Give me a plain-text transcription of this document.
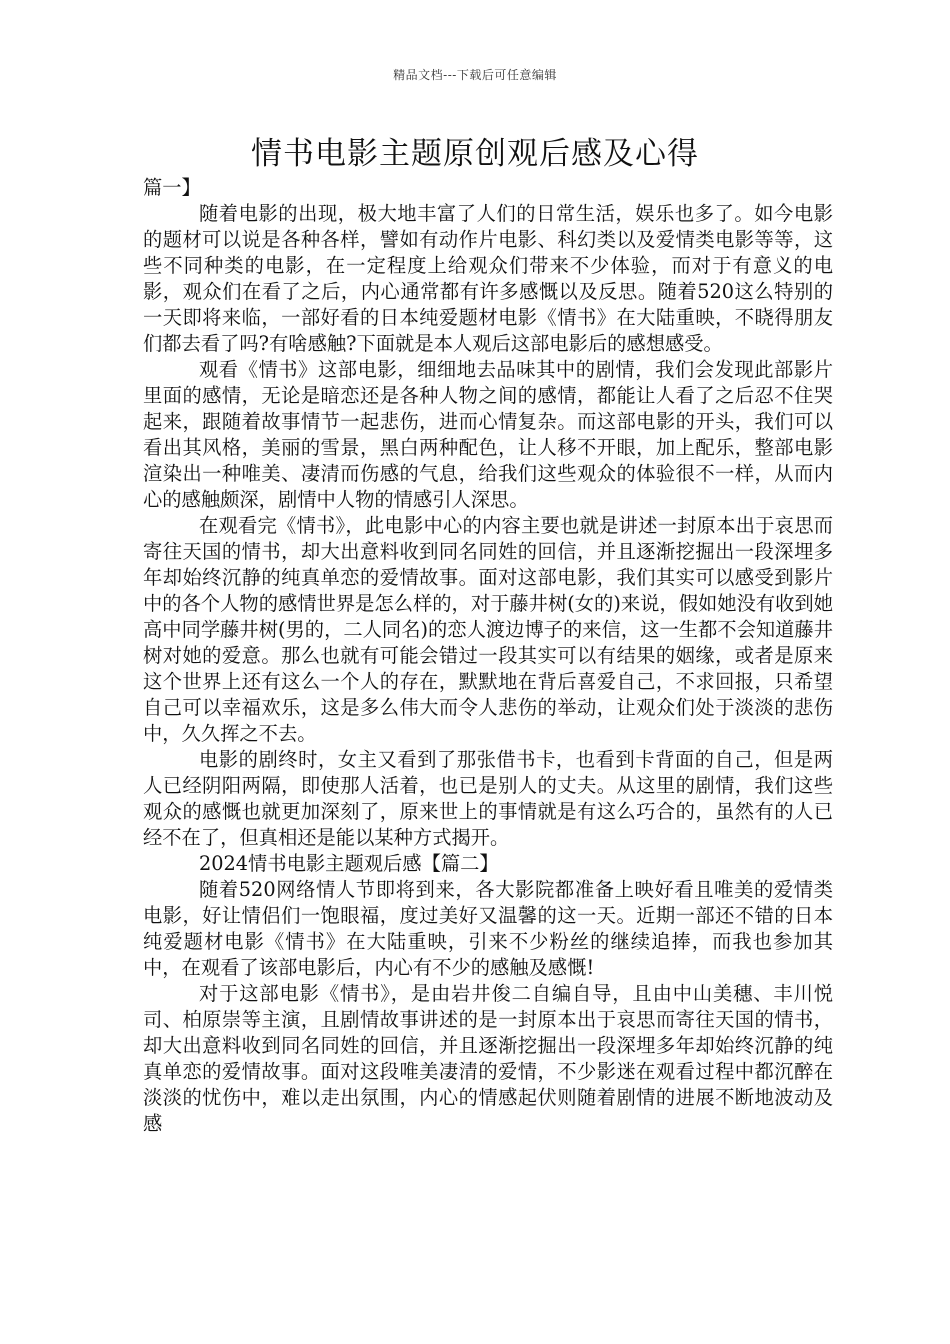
精品文档---下载后可任意编辑
情书电影主题原创观后感及心得

篇一】

随着电影的出现，极大地丰富了人们的日常生活，娱乐也多了。如今电影的题材可以说是各种各样，譬如有动作片电影、科幻类以及爱情类电影等等，这些不同种类的电影，在一定程度上给观众们带来不少体验，而对于有意义的电影，观众们在看了之后，内心通常都有许多感慨以及反思。随着520这么特别的一天即将来临，一部好看的日本纯爱题材电影《情书》在大陆重映，不晓得朋友们都去看了吗?有啥感触?下面就是本人观后这部电影后的感想感受。

观看《情书》这部电影，细细地去品味其中的剧情，我们会发现此部影片里面的感情，无论是暗恋还是各种人物之间的感情，都能让人看了之后忍不住哭起来，跟随着故事情节一起悲伤，进而心情复杂。而这部电影的开头，我们可以看出其风格，美丽的雪景，黑白两种配色，让人移不开眼，加上配乐，整部电影渲染出一种唯美、凄清而伤感的气息，给我们这些观众的体验很不一样，从而内心的感触颇深，剧情中人物的情感引人深思。

在观看完《情书》，此电影中心的内容主要也就是讲述一封原本出于哀思而寄往天国的情书，却大出意料收到同名同姓的回信，并且逐渐挖掘出一段深埋多年却始终沉静的纯真单恋的爱情故事。面对这部电影，我们其实可以感受到影片中的各个人物的感情世界是怎么样的，对于藤井树(女的)来说，假如她没有收到她高中同学藤井树(男的，二人同名)的恋人渡边博子的来信，这一生都不会知道藤井树对她的爱意。那么也就有可能会错过一段其实可以有结果的姻缘，或者是原来这个世界上还有这么一个人的存在，默默地在背后喜爱自己，不求回报，只希望自己可以幸福欢乐，这是多么伟大而令人悲伤的举动，让观众们处于淡淡的悲伤中，久久挥之不去。

电影的剧终时，女主又看到了那张借书卡，也看到卡背面的自己，但是两人已经阴阳两隔，即使那人活着，也已是别人的丈夫。从这里的剧情，我们这些观众的感慨也就更加深刻了，原来世上的事情就是有这么巧合的，虽然有的人已经不在了，但真相还是能以某种方式揭开。

2024情书电影主题观后感【篇二】

随着520网络情人节即将到来，各大影院都准备上映好看且唯美的爱情类电影，好让情侣们一饱眼福，度过美好又温馨的这一天。近期一部还不错的日本纯爱题材电影《情书》在大陆重映，引来不少粉丝的继续追捧，而我也参加其中，在观看了该部电影后，内心有不少的感触及感慨!

对于这部电影《情书》，是由岩井俊二自编自导，且由中山美穗、丰川悦司、柏原崇等主演，且剧情故事讲述的是一封原本出于哀思而寄往天国的情书，却大出意料收到同名同姓的回信，并且逐渐挖掘出一段深埋多年却始终沉静的纯真单恋的爱情故事。面对这段唯美凄清的爱情，不少影迷在观看过程中都沉醉在淡淡的忧伤中，难以走出氛围，内心的情感起伏则随着剧情的进展不断地波动及感
